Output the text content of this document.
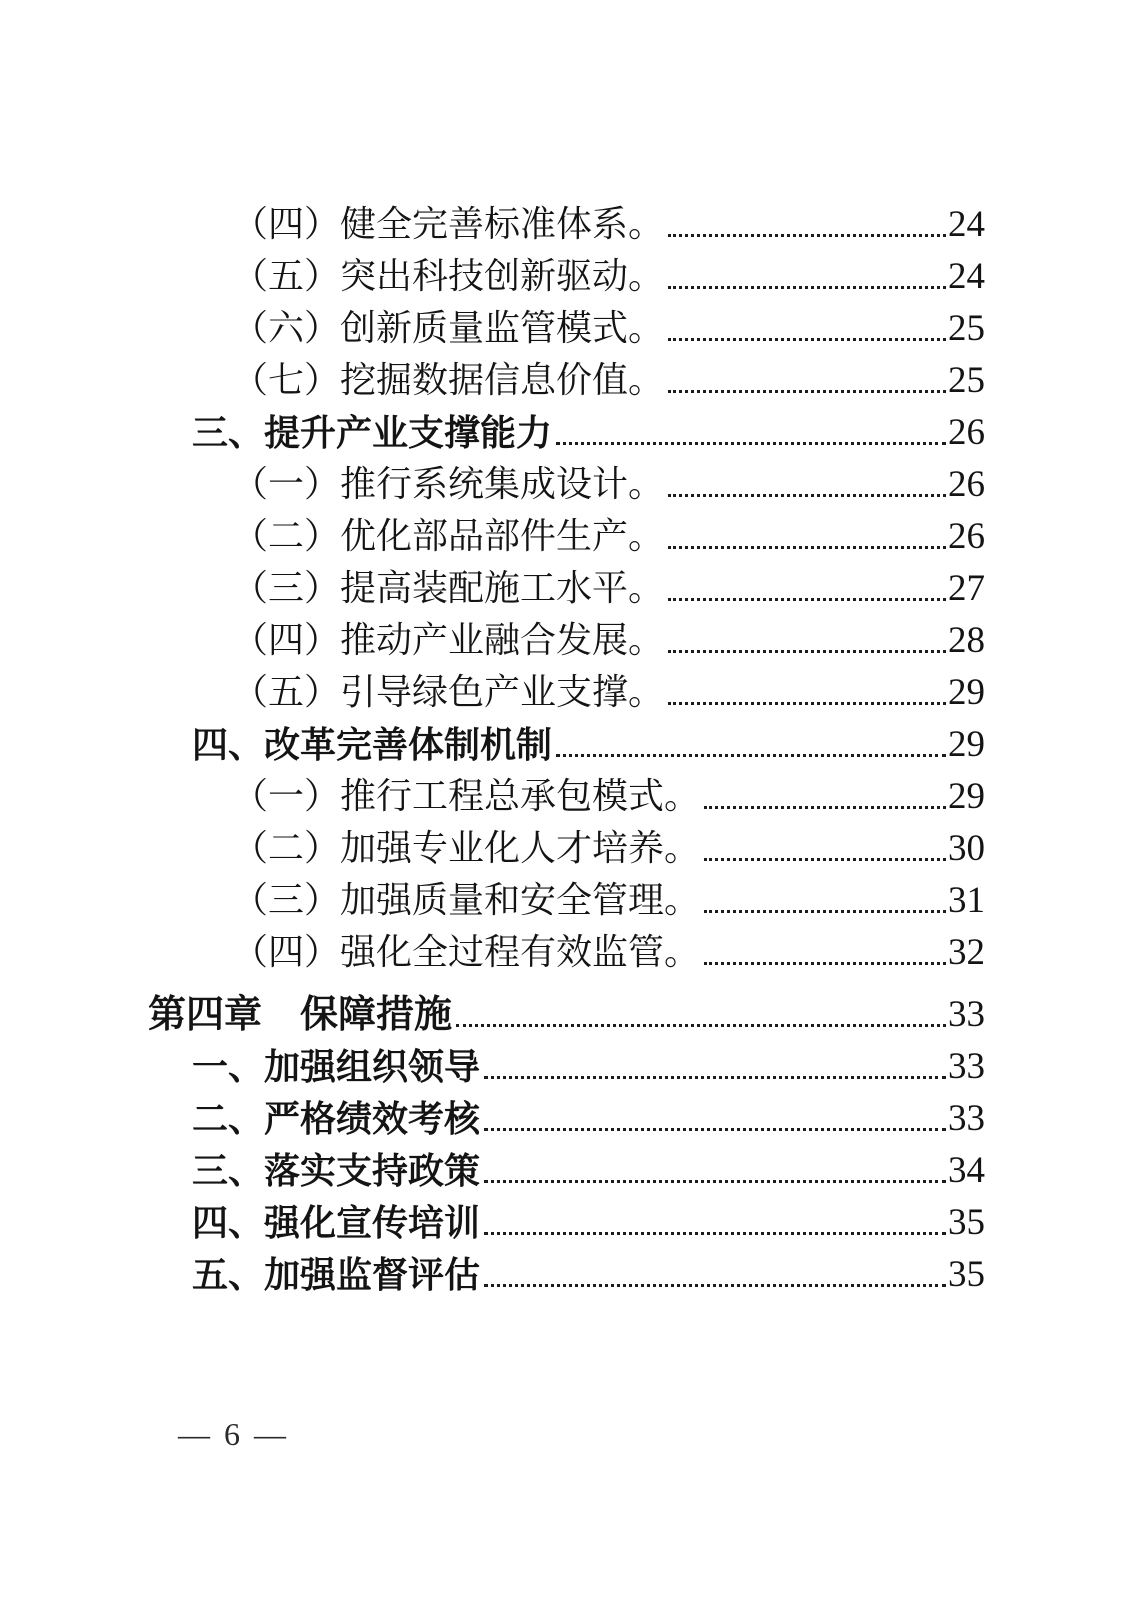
（四）健全完善标准体系。	24
（五）突出科技创新驱动。	24
（六）创新质量监管模式。	25
（七）挖掘数据信息价值。	25
三、提升产业支撑能力	26
（一）推行系统集成设计。	26
（二）优化部品部件生产。	26
（三）提高装配施工水平。	27
（四）推动产业融合发展。	28
（五）引导绿色产业支撑。	29
四、改革完善体制机制	29
（一）推行工程总承包模式。	29
（二）加强专业化人才培养。	30
（三）加强质量和安全管理。	31
（四）强化全过程有效监管。	32
第四章　保障措施	33
一、加强组织领导	33
二、严格绩效考核	33
三、落实支持政策	34
四、强化宣传培训	35
五、加强监督评估	35
— 6 —
